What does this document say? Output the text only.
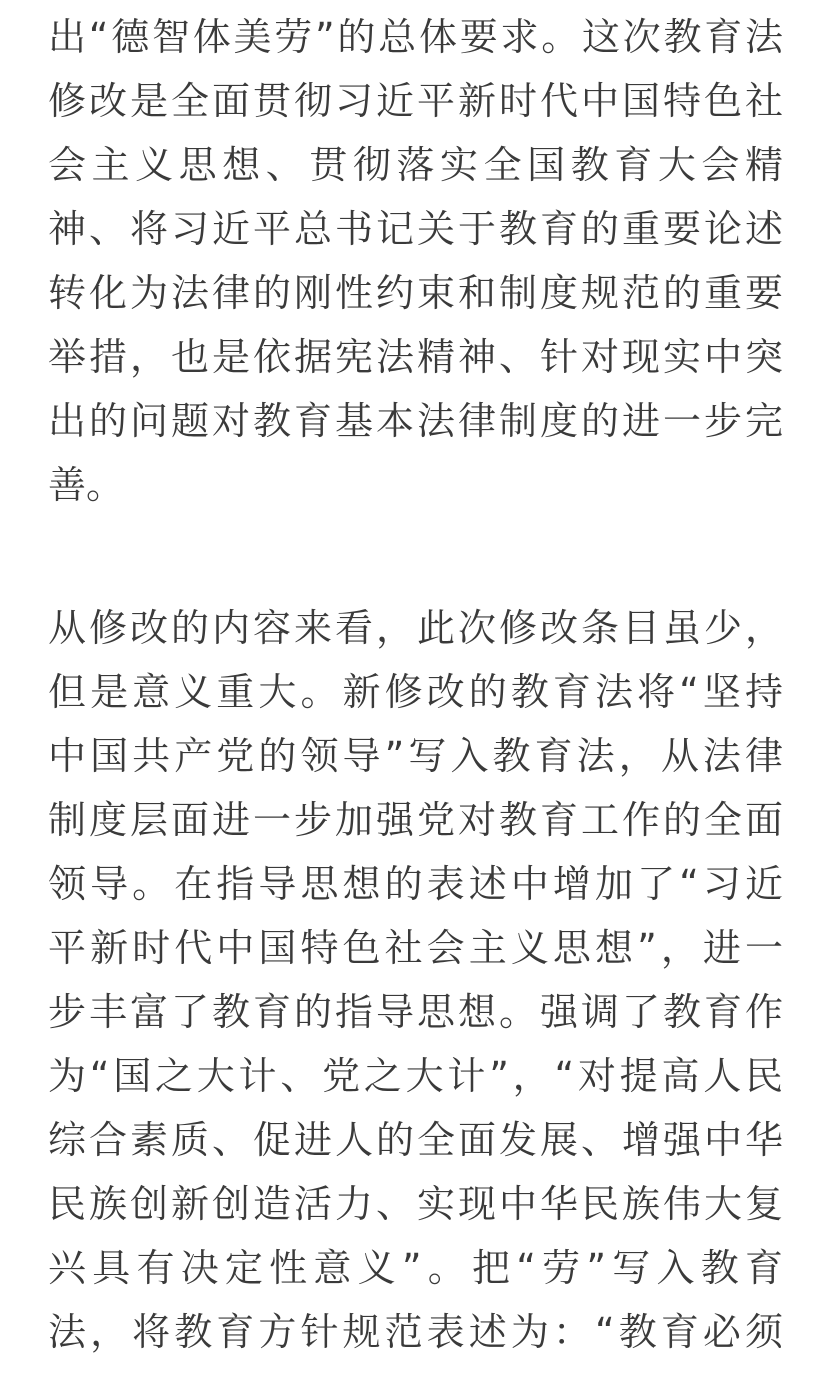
出“德智体美劳”的总体要求。这次教育法
修改是全面贯彻习近平新时代中国特色社
会主义思想、贯彻落实全国教育大会精
神、将习近平总书记关于教育的重要论述
转化为法律的刚性约束和制度规范的重要
举措，也是依据宪法精神、针对现实中突
出的问题对教育基本法律制度的进一步完
善。
从修改的内容来看，此次修改条目虽少，
但是意义重大。新修改的教育法将“坚持
中国共产党的领导”写入教育法，从法律
制度层面进一步加强党对教育工作的全面
领导。在指导思想的表述中增加了“习近
平新时代中国特色社会主义思想”，进一
步丰富了教育的指导思想。强调了教育作
为“国之大计、党之大计”，“对提高人民
综合素质、促进人的全面发展、增强中华
民族创新创造活力、实现中华民族伟大复
兴具有决定性意义”。把“劳”写入教育
法，将教育方针规范表述为：“教育必须
